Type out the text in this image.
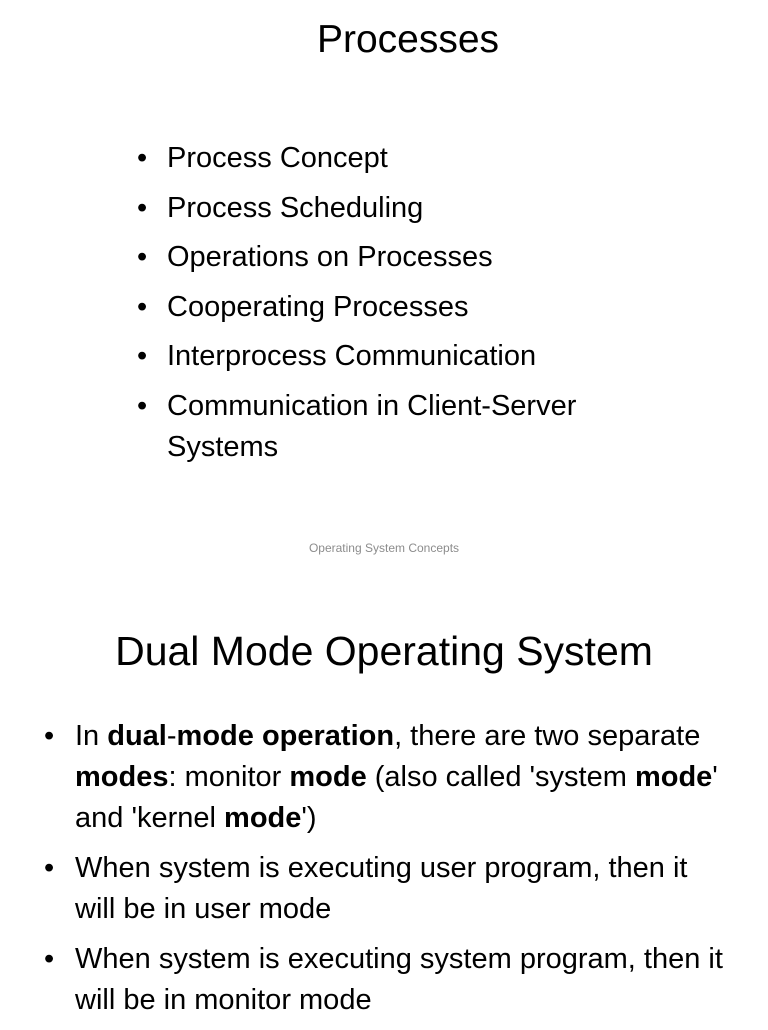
Processes
• Process Concept
• Process Scheduling
• Operations on Processes
• Cooperating Processes
• Interprocess Communication
• Communication in Client-Server Systems

Operating System Concepts

Dual Mode Operating System
• In dual-mode operation, there are two separate modes: monitor mode (also called 'system mode' and 'kernel mode')
• When system is executing user program, then it will be in user mode
• When system is executing system program, then it will be in monitor mode
